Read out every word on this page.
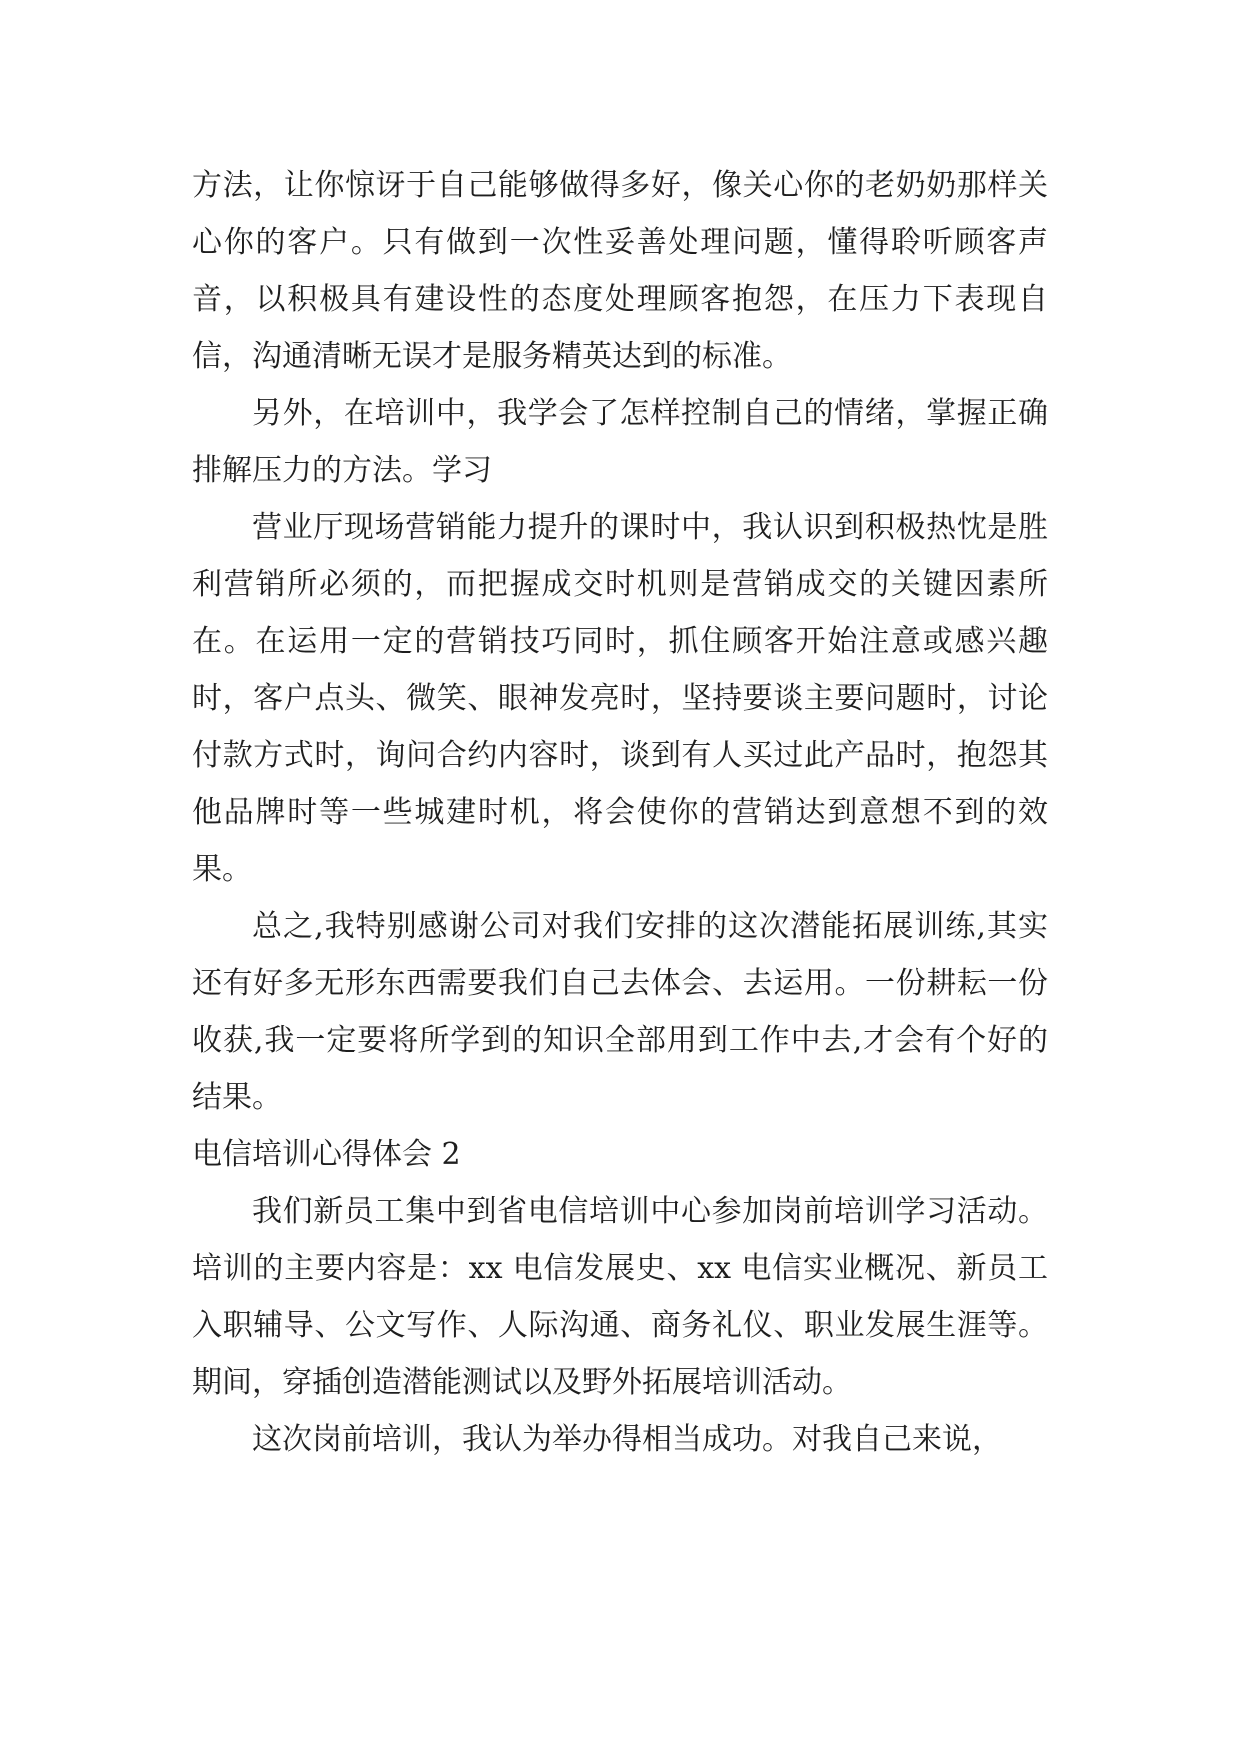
方法，让你惊讶于自己能够做得多好，像关心你的老奶奶那样关心你的客户。只有做到一次性妥善处理问题，懂得聆听顾客声音，以积极具有建设性的态度处理顾客抱怨，在压力下表现自信，沟通清晰无误才是服务精英达到的标准。

另外，在培训中，我学会了怎样控制自己的情绪，掌握正确排解压力的方法。学习

营业厅现场营销能力提升的课时中，我认识到积极热忱是胜利营销所必须的，而把握成交时机则是营销成交的关键因素所在。在运用一定的营销技巧同时，抓住顾客开始注意或感兴趣时，客户点头、微笑、眼神发亮时，坚持要谈主要问题时，讨论付款方式时，询问合约内容时，谈到有人买过此产品时，抱怨其他品牌时等一些城建时机，将会使你的营销达到意想不到的效果。

总之,我特别感谢公司对我们安排的这次潜能拓展训练,其实还有好多无形东西需要我们自己去体会、去运用。一份耕耘一份收获,我一定要将所学到的知识全部用到工作中去,才会有个好的结果。

电信培训心得体会 2

我们新员工集中到省电信培训中心参加岗前培训学习活动。培训的主要内容是：xx 电信发展史、xx 电信实业概况、新员工入职辅导、公文写作、人际沟通、商务礼仪、职业发展生涯等。期间，穿插创造潜能测试以及野外拓展培训活动。

这次岗前培训，我认为举办得相当成功。对我自己来说，
